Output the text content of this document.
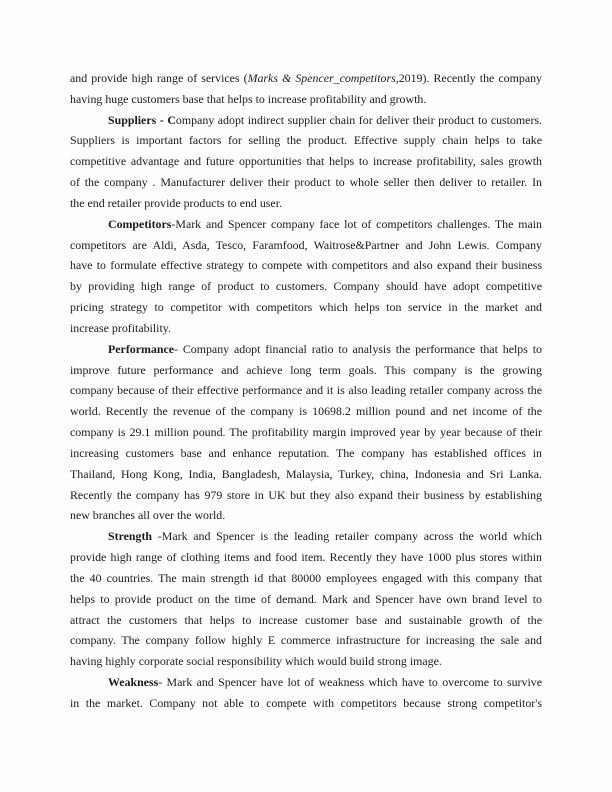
and provide high range of services (Marks & Spencer_competitors,2019). Recently the company
having huge customers base that helps to increase profitability and growth.
Suppliers - Company adopt indirect supplier chain for deliver their product to customers.
Suppliers is important factors for selling the product. Effective supply chain helps to take
competitive advantage and future opportunities that helps to increase profitability, sales growth
of the company . Manufacturer deliver their product to whole seller then deliver to retailer. In
the end retailer provide products to end user.
Competitors-Mark and Spencer company face lot of competitors challenges. The main
competitors are Aldi, Asda, Tesco, Faramfood, Waitrose&Partner and John Lewis. Company
have to formulate effective strategy to compete with competitors and also expand their business
by providing high range of product to customers. Company should have adopt competitive
pricing strategy to competitor with competitors which helps ton service in the market and
increase profitability.
Performance- Company adopt financial ratio to analysis the performance that helps to
improve future performance and achieve long term goals. This company is the growing
company because of their effective performance and it is also leading retailer company across the
world. Recently the revenue of the company is 10698.2 million pound and net income of the
company is 29.1 million pound. The profitability margin improved year by year because of their
increasing customers base and enhance reputation. The company has established offices in
Thailand, Hong Kong, India, Bangladesh, Malaysia, Turkey, china, Indonesia and Sri Lanka.
Recently the company has 979 store in UK but they also expand their business by establishing
new branches all over the world.
Strength -Mark and Spencer is the leading retailer company across the world which
provide high range of clothing items and food item. Recently they have 1000 plus stores within
the 40 countries. The main strength id that 80000 employees engaged with this company that
helps to provide product on the time of demand. Mark and Spencer have own brand level to
attract the customers that helps to increase customer base and sustainable growth of the
company. The company follow highly E commerce infrastructure for increasing the sale and
having highly corporate social responsibility which would build strong image.
Weakness- Mark and Spencer have lot of weakness which have to overcome to survive
in the market. Company not able to compete with competitors because strong competitor's
